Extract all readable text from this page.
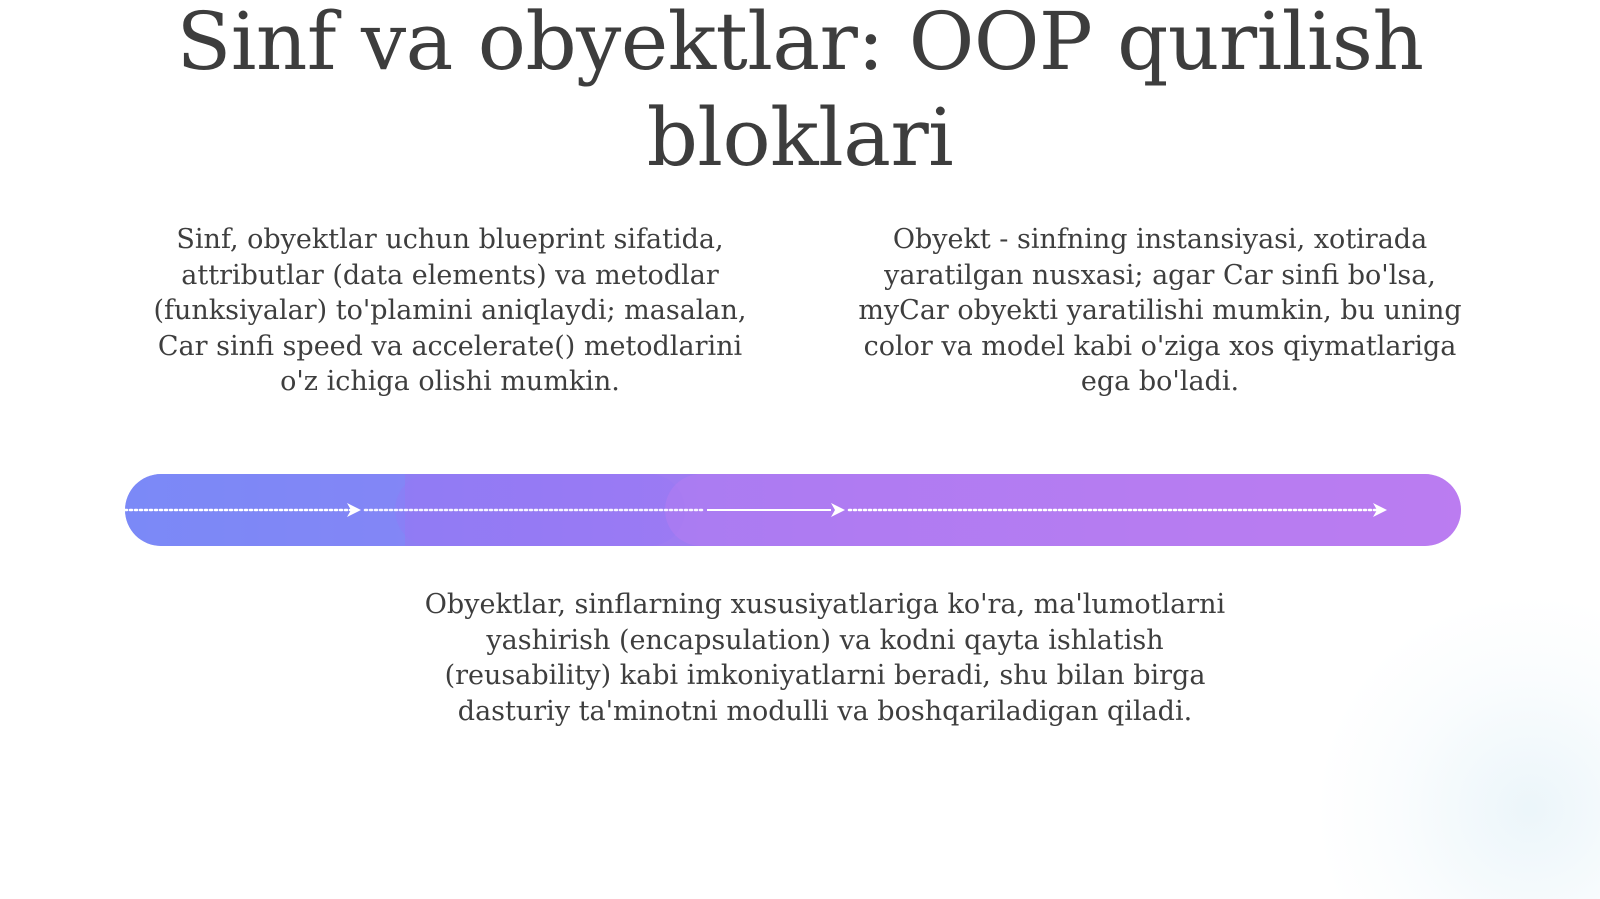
Sinf va obyektlar: OOP qurilish bloklari

Sinf, obyektlar uchun blueprint sifatida, attributlar (data elements) va metodlar (funksiyalar) to'plamini aniqlaydi; masalan, Car sinfi speed va accelerate() metodlarini o'z ichiga olishi mumkin.

Obyekt - sinfning instansiyasi, xotirada yaratilgan nusxasi; agar Car sinfi bo'lsa, myCar obyekti yaratilishi mumkin, bu uning color va model kabi o'ziga xos qiymatlariga ega bo'ladi.

Obyektlar, sinflarning xususiyatlariga ko'ra, ma'lumotlarni yashirish (encapsulation) va kodni qayta ishlatish (reusability) kabi imkoniyatlarni beradi, shu bilan birga dasturiy ta'minotni modulli va boshqariladigan qiladi.
